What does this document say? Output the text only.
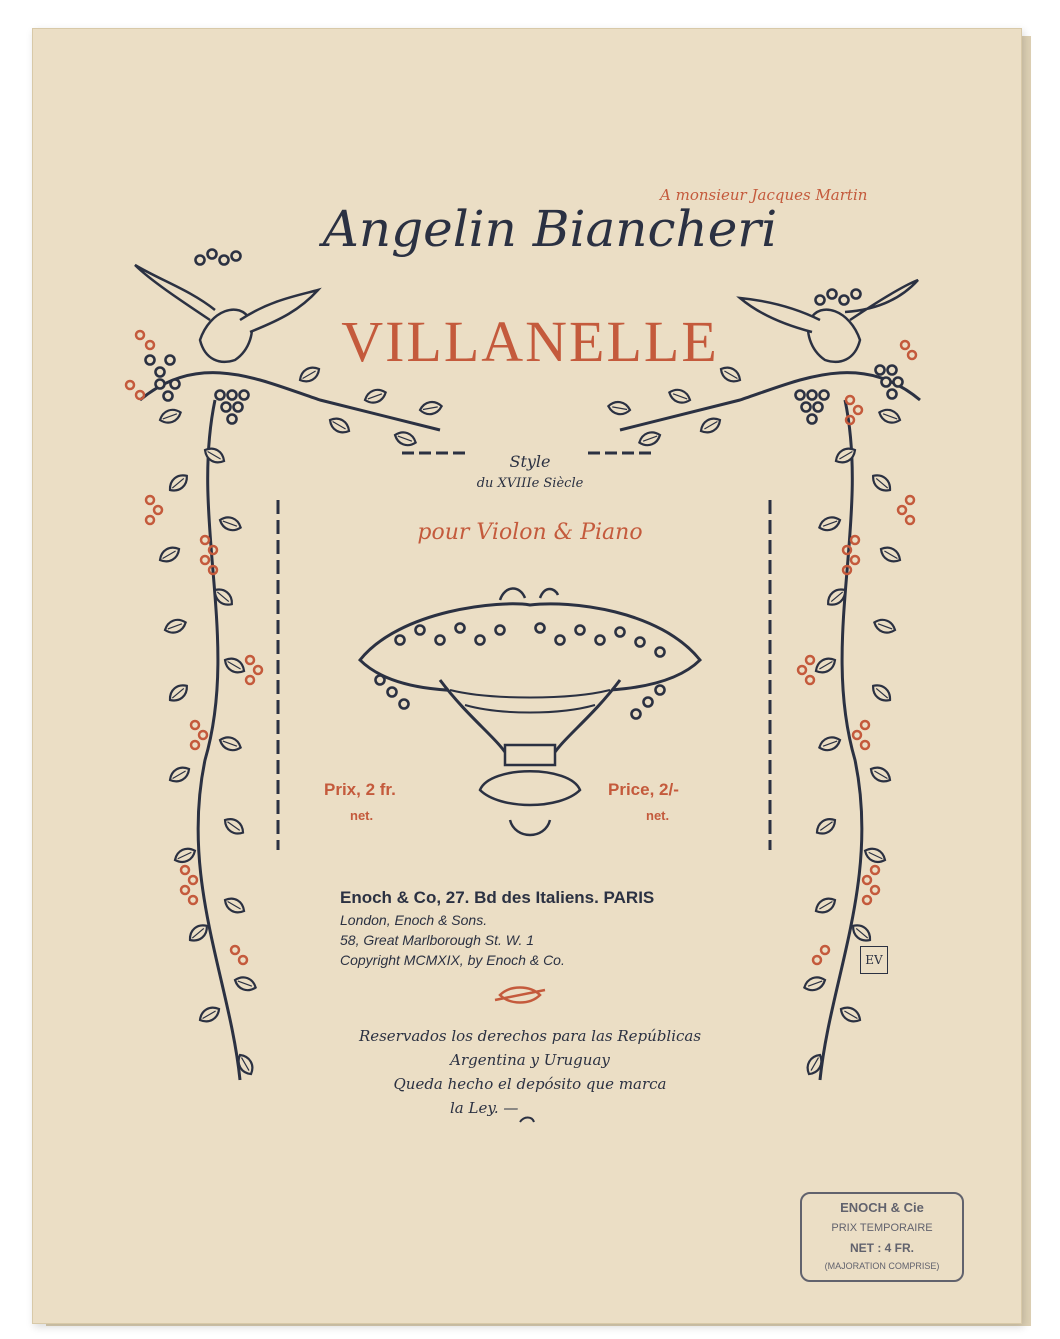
A monsieur Jacques Martin
Angelin Biancheri
VILLANELLE
Style
du XVIIIe Siècle
pour Violon & Piano
Prix, 2 fr.
net.
Price, 2/-
net.
Enoch & Co, 27. Bd des Italiens. PARIS
London, Enoch & Sons.
58, Great Marlborough St. W. 1
Copyright MCMXIX, by Enoch & Co.
Reservados los derechos para las Repúblicas
Argentina y Uruguay
Queda hecho el depósito que marca
la Ley. —
EV
ENOCH & Cie
PRIX TEMPORAIRE
NET : 4 FR.
(MAJORATION COMPRISE)
